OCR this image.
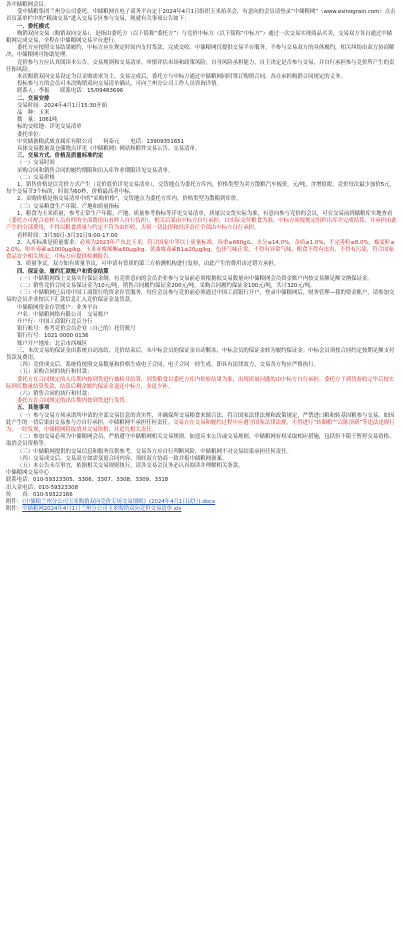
各中储粮网会员：

受中储粮集团兰州分公司委托，中储粮网在电子商务平台定于2024年4月1日组织玉米拍卖会，有意向的会员请登录“中储粮网”（www.esinograin.com）点击首页菜单栏中的“粮油交易”进入交易专区参与交易，现就有关事项公告如下：

一、委托模式

购销双向交易（购销双向交易），是指由委托方（以下简称“委托方”）与竞价中标方（以下简称“中标方”）通过一次交易实现商品买卖，交易双方各自通过中储粮网完成交易，全程在中储粮网交易平台进行。

委托方应按照交易结果履约，中标方应在规定时间内支付货款，完成交收。中储粮网仅提供交易平台服务，不参与交易双方的具体履约，相关纠纷由双方协商解决，中储粮网可协助处理。

竞价参与方应认真阅读本公告，交易规则和交易清单，审慎评估市场和政策风险，自身风险承担能力，自主决定是否参与交易，并自行承担参与竞价所产生的责任和风险。

本次购销双向交易设定为以采购需求为主，交易完成后，委托方与中标方通过中储粮网同时签订购销合同，各自承担购销合同规定的义务。

投标参与方的会员可本次购销双向交易清单确认，可向兰州分公司工作人员咨询详情。

联系人：李振　　联系电话：15/09483696

二、交易安排

交易时间：2024年4月1日15:30开始

品　种：玉米

数　量：1061吨

标的交收地：详见交易清单

委托单位：

中央储备粮武威直属库有限公司　　何泰元　　电话：13909351651

具体交易数量及仓储地点详见《中储粮网》网站和附件交易公告、交易清单。

三、交易方式、价格及质量标准约定

（一）交易时间

采购合同和销售合同的履约期限和出入库作业期限详见交易清单。

（二）交易价格

1、销售价格是以竞价方式产生（竞价底价详见交易清单），交货地点为委托方库内，价格类型为卖方散粮汽车板价。元/吨，含增值税，竞价每次最少加价5元，每个交易节3个标的，时间为60秒，价格最高者中标。

2、采购价格是指交易清单中的“采购价格”，交货地点为委托方库内，价格类型为散粮到库价。

（三）交易粮食生产年限、产地和质量指标

1、粮食为玉米质量，参考正常生产年限，产地、质量参考指标等详见交易清单，质量以交货实际为准，有意向参与竞价的会员，可在交易前到储粮库实地查看（委托方可配合看样人员看样的全部费用由看样人自行负担），相关后果由中标方自行承担，以实际交付粮食为准，中标方须按规定组织出库并完成结算，并承担由此产生的全部费用，不得以粮食质量与约定不符为由拒收，否则一切法律和经济责任全部由中标方自行承担。

看样时间：3月30日-3月31日9:00-17:00

2、入库标准是质量要求：必须为2023年产东北玉米，符合国家中等以上质量标准，容重≥660g/L，水分≤14.0%，杂质≤1.0%，不完善粒≤8.0%，霉变粒≤2.0%，呕吐毒素≤1000μg/kg，玉米赤霉烯酮≤60μg/kg，黄曲霉毒素B1≤20μg/kg，色泽气味正常，不得有异常气味、粮食不得有虫害、不得有污染，符合国家食品安全相关规定，中标方应提供检测报告。

3、质量争议。双方如有质量争议，可申请有资质的第三方检测机构进行复检，由此产生的费用由过错方承担。

四、保证金、履约汇款账户和资金结算

（一）中储粮网线上交易实行保证金制，有竞价意向的会员企业参与交易前必须根据拟交易数量向中储粮网会员资金账户内按交易额足额交纳保证金。

（二）销售竞价合同交易保证金为10元/吨，销售合同履约保证金200元/吨，采购合同履约保证金100元/吨，共计320元/吨。

（三）中储粮网已启用中国工商银行的资金存管服务，每位会员参与竞价前必须通过中国工商银行开户，登录中储粮网后，财务管理—我的资金账户，请参加交易的会员企业按以下汇款信息汇入竞价保证金及货款。

中储粮网资金存管账户：业务平台

户名：中储粮网络有限公司　交易账户

开户行：中国工商银行北京分行

银行账号：参考竞价会员企业（自己的）托管账号

银行行号：1021 0000 0136

账户开户地址：北京市西城区

三、本次交易的保证金由系统自动冻结，竞价结束后，未中标会员的保证金自动解冻，中标会员的保证金转为履约保证金。中标会员须按合同约定按期足额支付货款及费用。

（四）竞价成交后，系统将按照交易数量和价格生成电子合同，电子合同一经生成，即具有法律效力，交易各方均应严格执行。

（五）采购合同的执行和付款：

委托方在合同规定的入库期内按到货进行抽检并结算，到货粮食以委托方库内检验结果为准，出现质量问题的由中标方自行承担。委托方于到货验收完毕后按实际到库数量结算货款，结算后剩余履约保证金退还中标方，多退少补。

（六）销售合同的执行和付款：

委托方在合同规定的出库期内按到货进行发货。

五、其他事项

（一）参与交易方须承诺所申请的全部交易信息的真实性，并确保所交易粮食来源合法，符合国家法律法规和政策规定，严禁进口粮和转基因粮参与交易，如因此产生的一切后果由交易参与方自行承担，中储粮网不承担任何责任。交易方在交易和履约过程中应遵守国家法律法规，不得进行“转圈粮”“以陈顶新”等违法违规行为，一经发现，中储粮网将取消其交易资格，并追究相关责任。

（二）参加交易必须为中储粮网会员，严格遵守中储粮网相关交易规则。如违反本公告或交易规则，中储粮网有权采取相应措施，包括但不限于暂停交易资格、取消会员资格等。

（三）中储粮网提供的交易信息和服务仅供参考，交易各方应自行判断风险，中储粮网不对交易结果承担任何责任。

（四）交易成交后，交易双方如需变更合同内容，须经双方协商一致并报中储粮网备案。

（五）本公告未尽事宜，依据相关交易规则执行，请各交易会员务必认真阅读并理解相关条款。

中储粮网交易中心

联系电话：010-59323305、3306、3307、3308、3309、3318

出入金电话：010-59323308

传　　真：010-59322166

附件：《中储粮兰州分公司玉米购销双向竞价专场交易细则》(2024年4月1日试行).docx

附件：中储粮网2024年4月1日兰州分公司玉米购销双向竞价交易清单.xls
